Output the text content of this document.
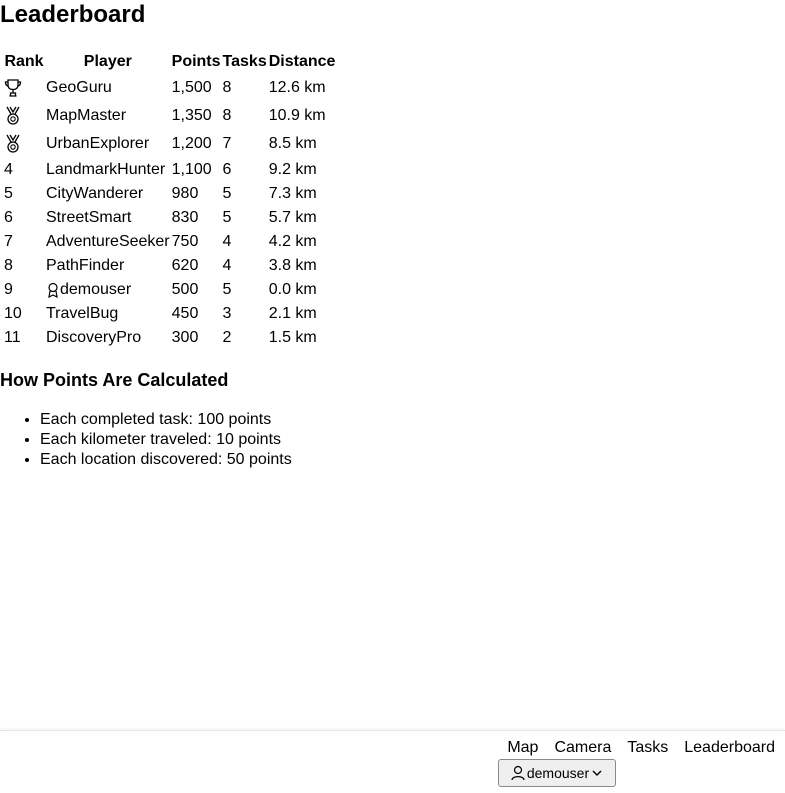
Leaderboard
Rank	Player	Points	Tasks	Distance

	GeoGuru	1,500	8	12.6 km

	MapMaster	1,350	8	10.9 km

	UrbanExplorer	1,200	7	8.5 km
4	LandmarkHunter	1,100	6	9.2 km
5	CityWanderer	980	5	7.3 km
6	StreetSmart	830	5	5.7 km
7	AdventureSeeker	750	4	4.2 km
8	PathFinder	620	4	3.8 km
9	demouser	500	5	0.0 km
10	TravelBug	450	3	2.1 km
11	DiscoveryPro	300	2	1.5 km
How Points Are Calculated
• Each completed task: 100 points
• Each kilometer traveled: 10 points
• Each location discovered: 50 points
Map Camera Tasks Leaderboard
demouser
